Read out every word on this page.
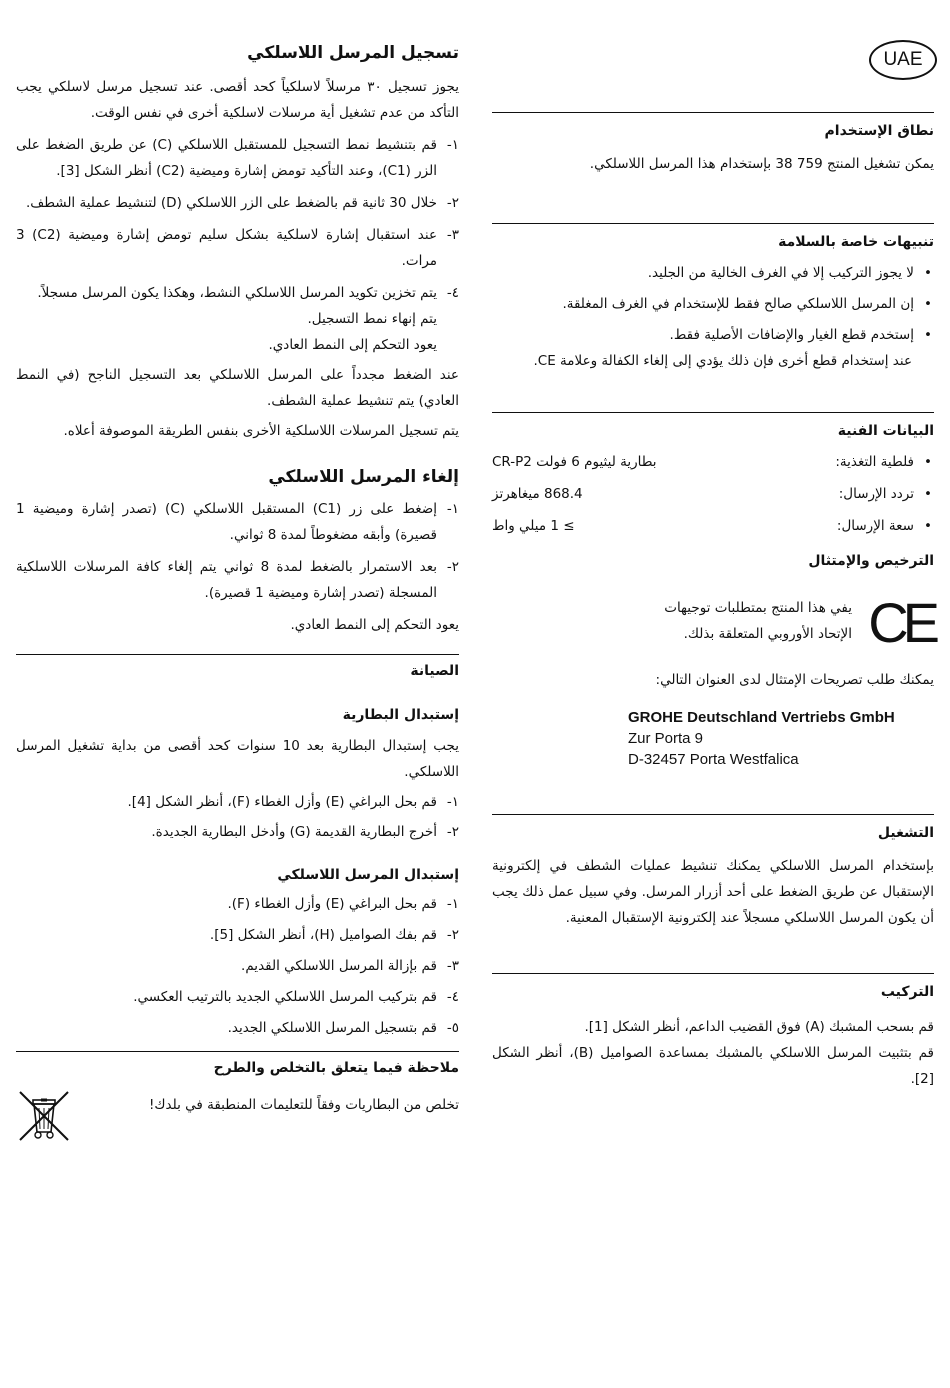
UAE
نطاق الإستخدام

يمكن تشغيل المنتج 759 38 بإستخدام هذا المرسل اللاسلكي.

تنبيهات خاصة بالسلامة
• لا يجوز التركيب إلا في الغرف الخالية من الجليد.
• إن المرسل اللاسلكي صالح فقط للإستخدام في الغرف المغلقة.
• إستخدم قطع الغيار والإضافات الأصلية فقط.
عند إستخدام قطع أخرى فإن ذلك يؤدي إلى إلغاء الكفالة وعلامة CE.
البيانات الفنية
• فلطية التغذية:
بطارية ليثيوم 6 فولت CR-P2
• تردد الإرسال:
868.4 ميغاهرتز
• سعة الإرسال:
≥ 1 ميلي واط
الترخيص والإمتثال
CE
يفي هذا المنتج بمتطلبات توجيهات الإتحاد الأوروبي المتعلقة بذلك.

يمكنك طلب تصريحات الإمتثال لدى العنوان التالي:

GROHE Deutschland Vertriebs GmbH
Zur Porta 9
D-32457 Porta Westfalica
التشغيل

بإستخدام المرسل اللاسلكي يمكنك تنشيط عمليات الشطف في إلكترونية الإستقبال عن طريق الضغط على أحد أزرار المرسل. وفي سبيل عمل ذلك يجب أن يكون المرسل اللاسلكي مسجلاً عند إلكترونية الإستقبال المعنية.

التركيب

قم بسحب المشبك (A) فوق القضيب الداعم، أنظر الشكل [1].

قم بتثبيت المرسل اللاسلكي بالمشبك بمساعدة الصواميل (B)، أنظر الشكل [2].

تسجيل المرسل اللاسلكي

يجوز تسجيل ٣٠ مرسلاً لاسلكياً كحد أقصى. عند تسجيل مرسل لاسلكي يجب التأكد من عدم تشغيل أية مرسلات لاسلكية أخرى في نفس الوقت.

١-
قم بتنشيط نمط التسجيل للمستقبل اللاسلكي (C) عن طريق الضغط على الزر (C1)، وعند التأكيد تومض إشارة وميضية (C2) أنظر الشكل [3].
٢-
خلال 30 ثانية قم بالضغط على الزر اللاسلكي (D) لتنشيط عملية الشطف.
٣-
عند استقبال إشارة لاسلكية بشكل سليم تومض إشارة وميضية (C2) 3 مرات.
٤-
يتم تخزين تكويد المرسل اللاسلكي النشط، وهكذا يكون المرسل مسجلاً.
يتم إنهاء نمط التسجيل.
يعود التحكم إلى النمط العادي.

عند الضغط مجدداً على المرسل اللاسلكي بعد التسجيل الناجح (في النمط العادي) يتم تنشيط عملية الشطف.

يتم تسجيل المرسلات اللاسلكية الأخرى بنفس الطريقة الموصوفة أعلاه.

إلغاء المرسل اللاسلكي
١-
إضغط على زر (C1) المستقبل اللاسلكي (C) (تصدر إشارة وميضية 1 قصيرة) وأبقه مضغوطاً لمدة 8 ثواني.
٢-
بعد الاستمرار بالضغط لمدة 8 ثواني يتم إلغاء كافة المرسلات اللاسلكية المسجلة (تصدر إشارة وميضية 1 قصيرة).

يعود التحكم إلى النمط العادي.

الصيانة
إستبدال البطارية

يجب إستبدال البطارية بعد 10 سنوات كحد أقصى من بداية تشغيل المرسل اللاسلكي.

١-
قم بحل البراغي (E) وأزل الغطاء (F)، أنظر الشكل [4].
٢-
أخرج البطارية القديمة (G) وأدخل البطارية الجديدة.
إستبدال المرسل اللاسلكي
١-
قم بحل البراغي (E) وأزل الغطاء (F).
٢-
قم بفك الصواميل (H)، أنظر الشكل [5].
٣-
قم بإزالة المرسل اللاسلكي القديم.
٤-
قم بتركيب المرسل اللاسلكي الجديد بالترتيب العكسي.
٥-
قم بتسجيل المرسل اللاسلكي الجديد.
ملاحظة فيما يتعلق بالتخلص والطرح
تخلص من البطاريات وفقاً للتعليمات المنطبقة في بلدك!
